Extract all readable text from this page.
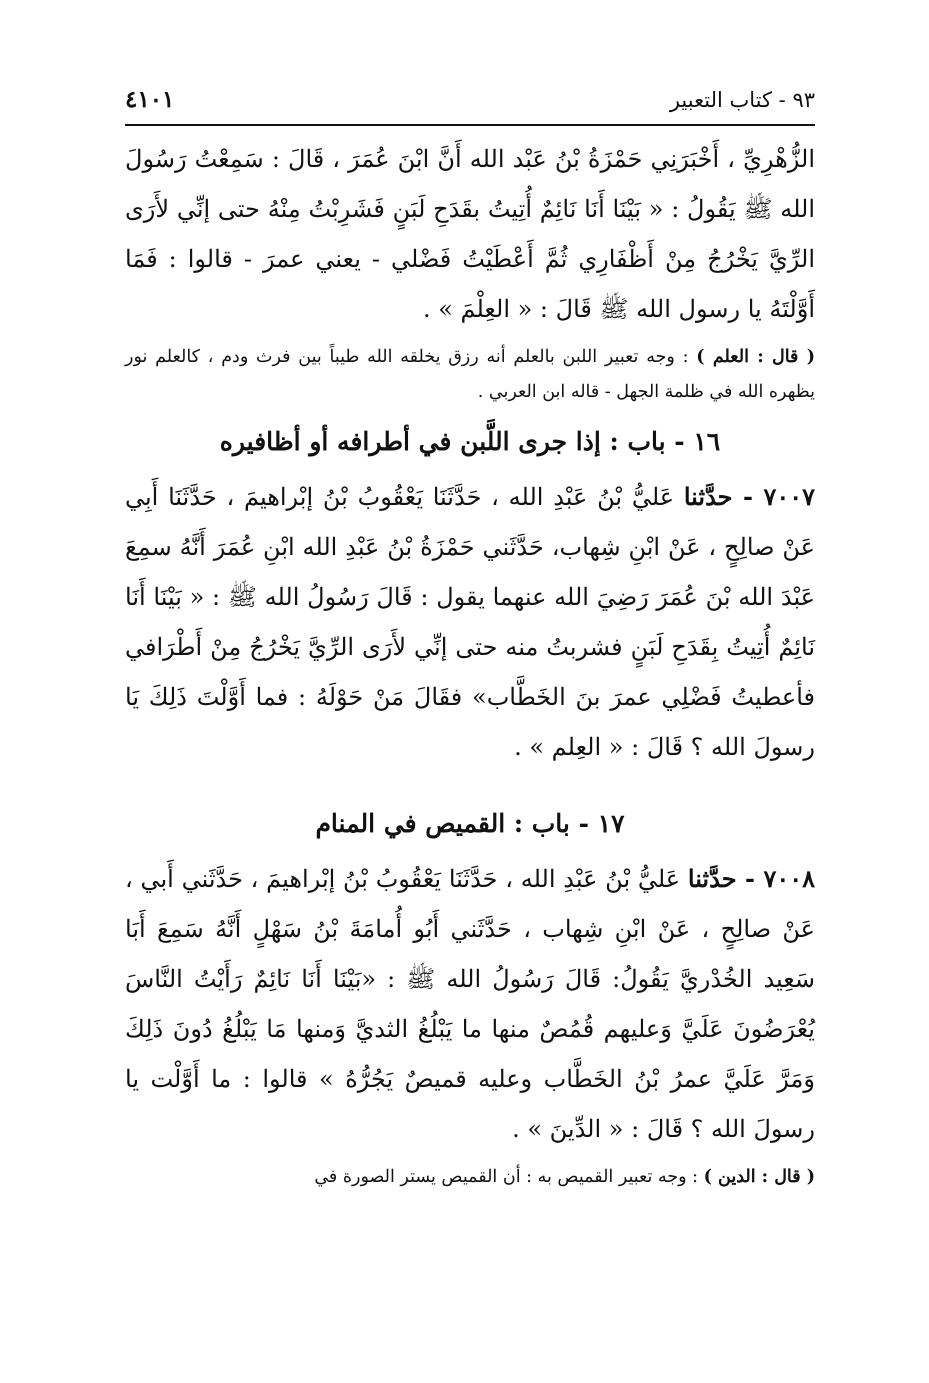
٩٣ - كتاب التعبير
٤١٠١

الزُّهْرِيِّ ، أَخْبَرَنِي حَمْزَةُ بْنُ عَبْد الله أَنَّ ابْنَ عُمَرَ ، قَالَ : سَمِعْتُ رَسُولَ الله ﷺ يَقُولُ : « بَيْنَا أَنَا نَائِمٌ أُتِيتُ بقَدَحِ لَبَنٍ فَشَرِبْتُ مِنْهُ حتى إنِّي لأَرَى الرِّيَّ يَخْرُجُ مِنْ أَظْفَارِي ثُمَّ أَعْطَيْتُ فَضْلي - يعني عمرَ - قالوا : فَمَا أَوَّلْتَهُ يا رسول الله ﷺ قَالَ : « العِلْمَ » .

( قال : العلم ) : وجه تعبير اللبن بالعلم أنه رزق يخلقه الله طيباً بين فرث ودم ، كالعلم نور يظهره الله في ظلمة الجهل - قاله ابن العربي .

١٦ - باب : إذا جرى اللَّبن في أطرافه أو أظافيره

٧٠٠٧ - حدَّثنا عَليُّ بْنُ عَبْدِ الله ، حَدَّثَنَا يَعْقُوبُ بْنُ إبْراهيمَ ، حَدَّثَنَا أَبِي عَنْ صالِحٍ ، عَنْ ابْنِ شِهاب، حَدَّثَني حَمْزَةُ بْنُ عَبْدِ الله ابْنِ عُمَرَ أَنَّهُ سمِعَ عَبْدَ الله بْنَ عُمَرَ رَضِيَ الله عنهما يقول : قَالَ رَسُولُ الله ﷺ : « بَيْنَا أَنَا نَائِمٌ أُتِيتُ بِقَدَحِ لَبَنٍ فشربتُ منه حتى إنِّي لأَرَى الرِّيَّ يَخْرُجُ مِنْ أَطْرَافي فأعطيتُ فَضْلِي عمرَ بنَ الخَطَّاب» فقَالَ مَنْ حَوْلَهُ : فما أَوَّلْتَ ذَلِكَ يَا رسولَ الله ؟ قَالَ : « العِلم » .

١٧ - باب : القميص في المنام

٧٠٠٨ - حدَّثنا عَليُّ بْنُ عَبْدِ الله ، حَدَّثَنَا يَعْقُوبُ بْنُ إبْراهيمَ ، حَدَّثَني أَبي ، عَنْ صالِحٍ ، عَنْ ابْنِ شِهاب ، حَدَّثَني أَبُو أُمامَةَ بْنُ سَهْلٍ أَنَّهُ سَمِعَ أَبَا سَعِيد الخُدْريَّ يَقُولُ: قَالَ رَسُولُ الله ﷺ : «بَيْنَا أَنَا نَائِمٌ رَأَيْتُ النَّاسَ يُعْرَضُونَ عَلَيَّ وَعليهم قُمُصٌ منها ما يَبْلُغُ الثديَّ وَمنها مَا يَبْلُغُ دُونَ ذَلِكَ وَمَرَّ عَلَيَّ عمرُ بْنُ الخَطَّاب وعليه قميصٌ يَجُرُّهُ » قالوا : ما أَوَّلْت يا رسولَ الله ؟ قَالَ : « الدِّينَ » .

( قال : الدين ) : وجه تعبير القميص به : أن القميص يستر الصورة في
